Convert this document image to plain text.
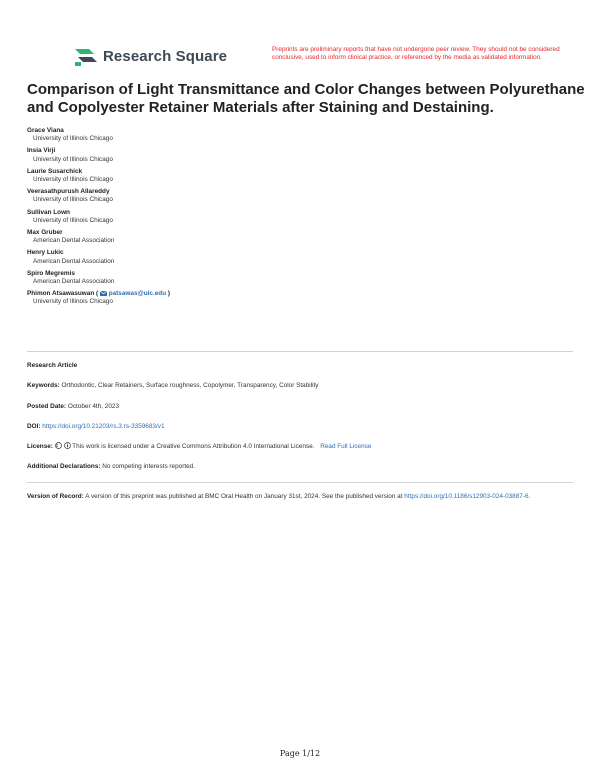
Research Square	Preprints are preliminary reports that have not undergone peer review. They should not be considered conclusive, used to inform clinical practice, or referenced by the media as validated information.
Comparison of Light Transmittance and Color Changes between Polyurethane and Copolyester Retainer Materials after Staining and Destaining.
Grace Viana
University of Illinois Chicago
Insia Virji
University of Illinois Chicago
Laurie Susarchick
University of Illinois Chicago
Veerasathpurush Allareddy
University of Illinois Chicago
Sullivan Lown
University of Illinois Chicago
Max Gruber
American Dental Association
Henry Lukic
American Dental Association
Spiro Megremis
American Dental Association
Phimon Atsawasuwan ( patsawas@uic.edu )
University of Illinois Chicago
Research Article
Keywords: Orthodontic, Clear Retainers, Surface roughness, Copolymer, Transparency, Color Stability
Posted Date: October 4th, 2023
DOI: https://doi.org/10.21203/rs.3.rs-3359683/v1
License:	This work is licensed under a Creative Commons Attribution 4.0 International License. Read Full License
Additional Declarations: No competing interests reported.
Version of Record: A version of this preprint was published at BMC Oral Health on January 31st, 2024. See the published version at https://doi.org/10.1186/s12903-024-03887-6.
Page 1/12
